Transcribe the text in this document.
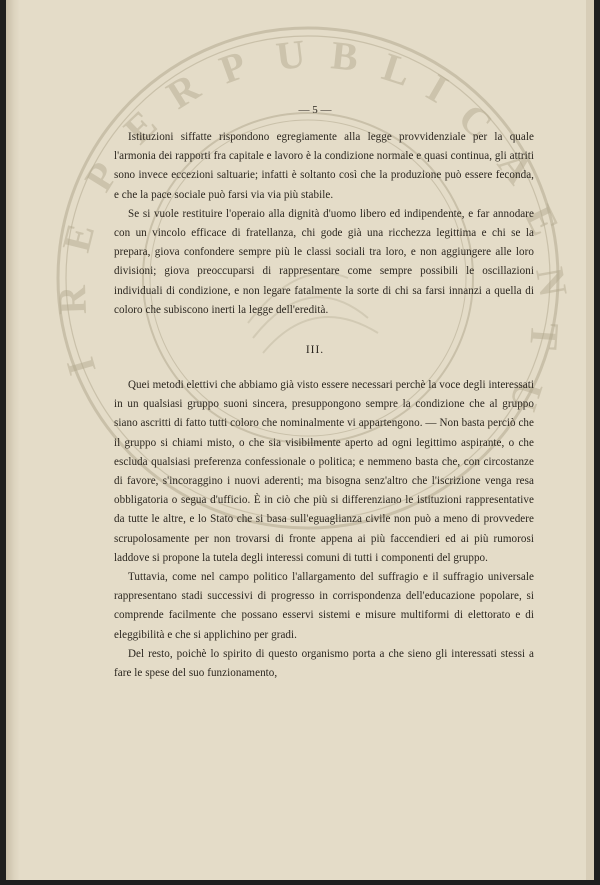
P U B L I
C
A
E
N
T
U
R
E
P
E
R
I
— 5 —

Istituzioni siffatte rispondono egregiamente alla legge provvidenziale per la quale l'armonia dei rapporti fra capitale e lavoro è la condizione normale e quasi continua, gli attriti sono invece eccezioni saltuarie; infatti è soltanto così che la produzione può essere feconda, e che la pace sociale può farsi via via più stabile.

Se si vuole restituire l'operaio alla dignità d'uomo libero ed indipendente, e far annodare con un vincolo efficace di fratellanza, chi gode già una ricchezza legittima e chi se la prepara, giova confondere sempre più le classi sociali tra loro, e non aggiungere alle loro divisioni; giova preoccuparsi di rappresentare come sempre possibili le oscillazioni individuali di condizione, e non legare fatalmente la sorte di chi sa farsi innanzi a quella di coloro che subiscono inerti la legge dell'eredità.

III.

Quei metodi elettivi che abbiamo già visto essere necessari perchè la voce degli interessati in un qualsiasi gruppo suoni sincera, presuppongono sempre la condizione che al gruppo siano ascritti di fatto tutti coloro che nominalmente vi appartengono. — Non basta perciò che il gruppo si chiami misto, o che sia visibilmente aperto ad ogni legittimo aspirante, o che escluda qualsiasi preferenza confessionale o politica; e nemmeno basta che, con circostanze di favore, s'incoraggino i nuovi aderenti; ma bisogna senz'altro che l'iscrizione venga resa obbligatoria o segua d'ufficio. È in ciò che più si differenziano le istituzioni rappresentative da tutte le altre, e lo Stato che si basa sull'eguaglianza civile non può a meno di provvedere scrupolosamente per non trovarsi di fronte appena ai più faccendieri ed ai più rumorosi laddove si propone la tutela degli interessi comuni di tutti i componenti del gruppo.

Tuttavia, come nel campo politico l'allargamento del suffragio e il suffragio universale rappresentano stadi successivi di progresso in corrispondenza dell'educazione popolare, si comprende facilmente che possano esservi sistemi e misure multiformi di elettorato e di eleggibilità e che si applichino per gradi.

Del resto, poichè lo spirito di questo organismo porta a che sieno gli interessati stessi a fare le spese del suo funzionamento,
